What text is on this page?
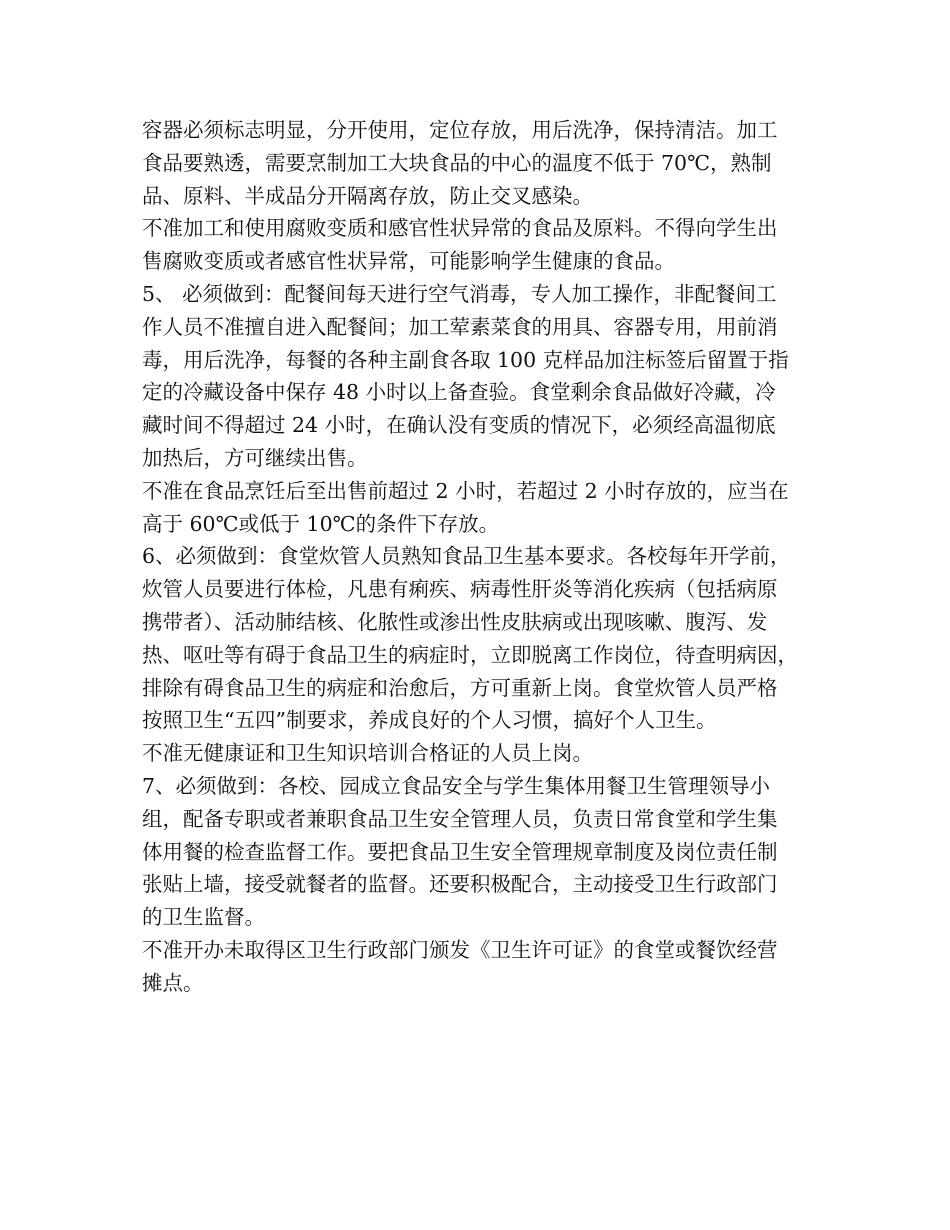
容器必须标志明显，分开使用，定位存放，用后洗净，保持清洁。加工
食品要熟透，需要烹制加工大块食品的中心的温度不低于 70℃，熟制
品、原料、半成品分开隔离存放，防止交叉感染。
不准加工和使用腐败变质和感官性状异常的食品及原料。不得向学生出
售腐败变质或者感官性状异常，可能影响学生健康的食品。
5、 必须做到：配餐间每天进行空气消毒，专人加工操作，非配餐间工
作人员不准擅自进入配餐间；加工荤素菜食的用具、容器专用，用前消
毒，用后洗净，每餐的各种主副食各取 100 克样品加注标签后留置于指
定的冷藏设备中保存 48 小时以上备查验。食堂剩余食品做好冷藏，冷
藏时间不得超过 24 小时，在确认没有变质的情况下，必须经高温彻底
加热后，方可继续出售。
不准在食品烹饪后至出售前超过 2 小时，若超过 2 小时存放的，应当在
高于 60℃或低于 10℃的条件下存放。
6、必须做到：食堂炊管人员熟知食品卫生基本要求。各校每年开学前，
炊管人员要进行体检，凡患有痢疾、病毒性肝炎等消化疾病（包括病原
携带者）、活动肺结核、化脓性或渗出性皮肤病或出现咳嗽、腹泻、发
热、呕吐等有碍于食品卫生的病症时，立即脱离工作岗位，待查明病因，
排除有碍食品卫生的病症和治愈后，方可重新上岗。食堂炊管人员严格
按照卫生“五四”制要求，养成良好的个人习惯，搞好个人卫生。
不准无健康证和卫生知识培训合格证的人员上岗。
7、必须做到：各校、园成立食品安全与学生集体用餐卫生管理领导小
组，配备专职或者兼职食品卫生安全管理人员，负责日常食堂和学生集
体用餐的检查监督工作。要把食品卫生安全管理规章制度及岗位责任制
张贴上墙，接受就餐者的监督。还要积极配合，主动接受卫生行政部门
的卫生监督。
不准开办未取得区卫生行政部门颁发《卫生许可证》的食堂或餐饮经营
摊点。
